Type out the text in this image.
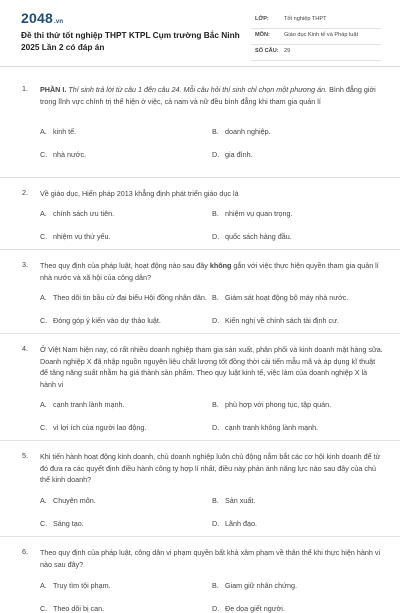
2048.vn
Đề thi thử tốt nghiệp THPT KTPL Cụm trường Bắc Ninh
2025 Lần 2 có đáp án
LỚP:	Tốt nghiệp THPT
MÔN:	Giáo dục Kinh tế và Pháp luật
SỐ CÂU: 29
1. PHẦN I. Thí sinh trả lời từ câu 1 đến câu 24. Mỗi câu hỏi thí sinh chỉ chọn một phương án. Bình đẳng giới trong lĩnh vực chính trị thể hiện ở việc, cả nam và nữ đều bình đẳng khi tham gia quản lí
A. kinh tế.	B. doanh nghiệp.
C. nhà nước.	D. gia đình.
2. Về giáo dục, Hiến pháp 2013 khẳng định phát triển giáo dục là
A. chính sách ưu tiên.	B. nhiệm vụ quan trọng.
C. nhiệm vụ thứ yếu.	D. quốc sách hàng đầu.
3. Theo quy định của pháp luật, hoạt động nào sau đây không gắn với việc thực hiện quyền tham gia quản lí nhà nước và xã hội của công dân?
A. Theo dõi tin bầu cử đại biểu Hội đồng nhân dân. B. Giám sát hoạt động bộ máy nhà nước.
C. Đóng góp ý kiến vào dự thảo luật.	D. Kiến nghị về chính sách tài định cư.
4. Ở Việt Nam hiện nay, có rất nhiều doanh nghiệp tham gia sản xuất, phân phối và kinh doanh mặt hàng sữa. Doanh nghiệp X đã nhập nguồn nguyên liệu chất lượng tốt đồng thời cải tiến mẫu mã và áp dụng kĩ thuật để tăng năng suất nhằm hạ giá thành sản phẩm. Theo quy luật kinh tế, việc làm của doanh nghiệp X là hành vi
A. cạnh tranh lành mạnh.	B. phù hợp với phong tục, tập quán.
C. vì lợi ích của người lao động.	D. cạnh tranh không lành mạnh.
5. Khi tiến hành hoạt động kinh doanh, chủ doanh nghiệp luôn chủ động nắm bắt các cơ hội kinh doanh để từ đó đưa ra các quyết định điều hành công ty hợp lí nhất, điều này phản ánh năng lực nào sau đây của chủ thể kinh doanh?
A. Chuyên môn.	B. Sản xuất.
C. Sáng tạo.	D. Lãnh đạo.
6. Theo quy định của pháp luật, công dân vi phạm quyền bất khả xâm phạm về thân thể khi thực hiện hành vi nào sau đây?
A. Truy tìm tội phạm.	B. Giam giữ nhân chứng.
C. Theo dõi bị can.	D. Đe dọa giết người.
